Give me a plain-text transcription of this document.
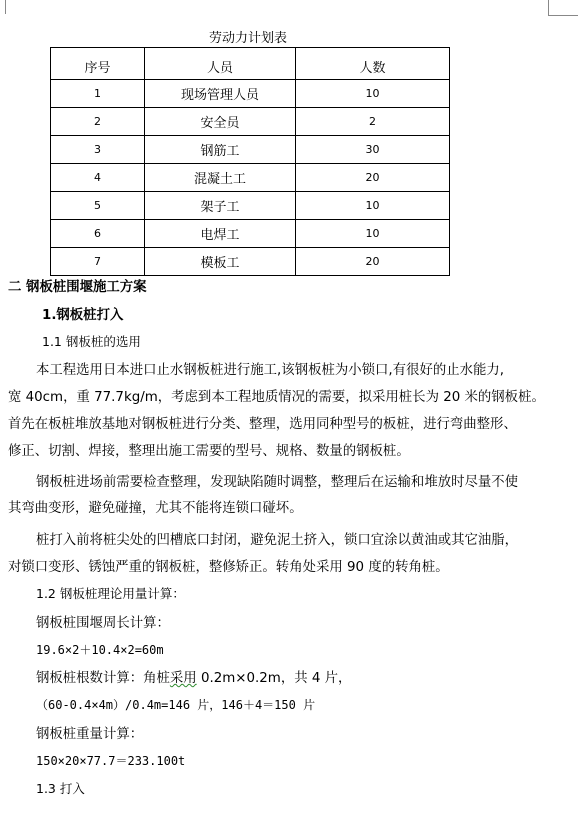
劳动力计划表
序号	人员	人数
1	现场管理人员	10
2	安全员	2
3	钢筋工	30
4	混凝土工	20
5	架子工	10
6	电焊工	10
7	模板工	20
二 钢板桩围堰施工方案
1.钢板桩打入
1.1 钢板桩的选用
本工程选用日本进口止水钢板桩进行施工,该钢板桩为小锁口,有很好的止水能力,
宽 40cm，重 77.7kg/m，考虑到本工程地质情况的需要，拟采用桩长为 20 米的钢板桩。
首先在板桩堆放基地对钢板桩进行分类、整理，选用同种型号的板桩，进行弯曲整形、
修正、切割、焊接，整理出施工需要的型号、规格、数量的钢板桩。
钢板桩进场前需要检查整理，发现缺陷随时调整，整理后在运输和堆放时尽量不使
其弯曲变形，避免碰撞，尤其不能将连锁口碰坏。
桩打入前将桩尖处的凹槽底口封闭，避免泥土挤入，锁口宜涂以黄油或其它油脂，
对锁口变形、锈蚀严重的钢板桩，整修矫正。转角处采用 90 度的转角桩。
1.2 钢板桩理论用量计算：
钢板桩围堰周长计算：
19.6×2＋10.4×2=60m
钢板桩根数计算：角桩采用 0.2m×0.2m，共 4 片，
（60-0.4×4m）/0.4m=146 片，146＋4＝150 片
钢板桩重量计算：
150×20×77.7＝233.100t
1.3 打入
